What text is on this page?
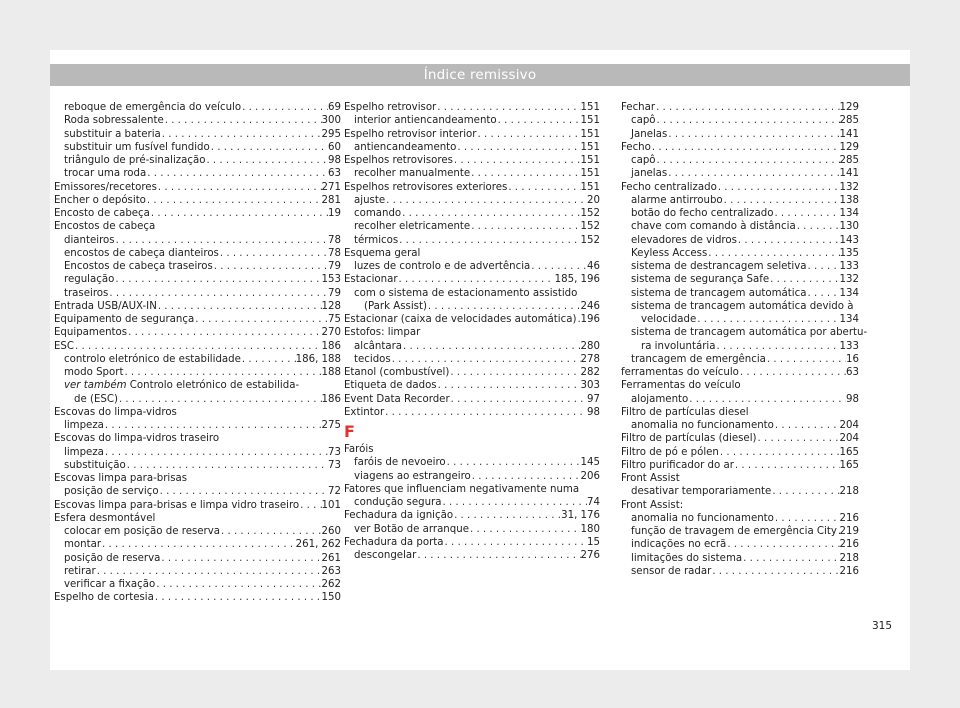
Índice remissivo
reboque de emergência do veículo . . .	69
Roda sobressalente . . .	300
substituir a bateria . . .	295
substituir um fusível fundido . . .	60
triângulo de pré-sinalização . . .	98
trocar uma roda . . .	63
Emissores/recetores . . .	271
Encher o depósito . . .	281
Encosto de cabeça . . .	19
Encostos de cabeça
dianteiros . . .	78
encostos de cabeça dianteiros . . .	78
Encostos de cabeça traseiros . . .	79
regulação . . .	153
traseiros . . .	79
Entrada USB/AUX-IN . . .	128
Equipamento de segurança . . .	75
Equipamentos . . .	270
ESC . . .	186
controlo eletrónico de estabilidade . . .	186, 188
modo Sport . . .	188
ver também Controlo eletrónico de estabilida-
de (ESC) . . .	186
Escovas do limpa-vidros
limpeza . . .	275
Escovas do limpa-vidros traseiro
limpeza . . .	73
substituição . . .	73
Escovas limpa para-brisas
posição de serviço . . .	72
Escovas limpa para-brisas e limpa vidro traseiro . . . 101
Esfera desmontável
colocar em posição de reserva . . .	260
montar . . .	261, 262
posição de reserva . . .	261
retirar . . .	263
verificar a fixação . . .	262
Espelho de cortesia . . .	150
Espelho retrovisor . . .	151
interior antiencandeamento . . .	151
Espelho retrovisor interior . . .	151
antiencandeamento . . .	151
Espelhos retrovisores . . .	151
recolher manualmente . . .	151
Espelhos retrovisores exteriores . . .	151
ajuste . . .	20
comando . . .	152
recolher eletricamente . . .	152
térmicos . . .	152
Esquema geral
luzes de controlo e de advertência . . .	46
Estacionar . . .	185, 196
com o sistema de estacionamento assistido
(Park Assist) . . .	246
Estacionar (caixa de velocidades automática) . . . 196
Estofos: limpar
alcântara . . .	280
tecidos . . .	278
Etanol (combustível) . . .	282
Etiqueta de dados . . .	303
Event Data Recorder . . .	97
Extintor . . .	98
F
Faróis
faróis de nevoeiro . . .	145
viagens ao estrangeiro . . .	206
Fatores que influenciam negativamente numa
condução segura . . .	74
Fechadura da ignição . . .	31, 176
ver Botão de arranque . . .	180
Fechadura da porta . . .	15
descongelar . . .	276
Fechar . . .	129
capô . . .	285
Janelas . . .	141
Fecho . . .	129
capô . . .	285
janelas . . .	141
Fecho centralizado . . .	132
alarme antirroubo . . .	138
botão do fecho centralizado . . .	134
chave com comando à distância . . .	130
elevadores de vidros . . .	143
Keyless Access . . .	135
sistema de destrancagem seletiva . . .	133
sistema de segurança Safe . . .	132
sistema de trancagem automática . . .	134
sistema de trancagem automática devido à
velocidade . . .	134
sistema de trancagem automática por abertu-
ra involuntária . . .	133
trancagem de emergência . . .	16
ferramentas do veículo . . .	63
Ferramentas do veículo
alojamento . . .	98
Filtro de partículas diesel
anomalia no funcionamento . . .	204
Filtro de partículas (diesel) . . .	204
Filtro de pó e pólen . . .	165
Filtro purificador do ar . . .	165
Front Assist
desativar temporariamente . . .	218
Front Assist:
anomalia no funcionamento . . .	216
função de travagem de emergência City . . . 219
indicações no ecrã . . .	216
limitações do sistema . . .	218
sensor de radar . . .	216
315
